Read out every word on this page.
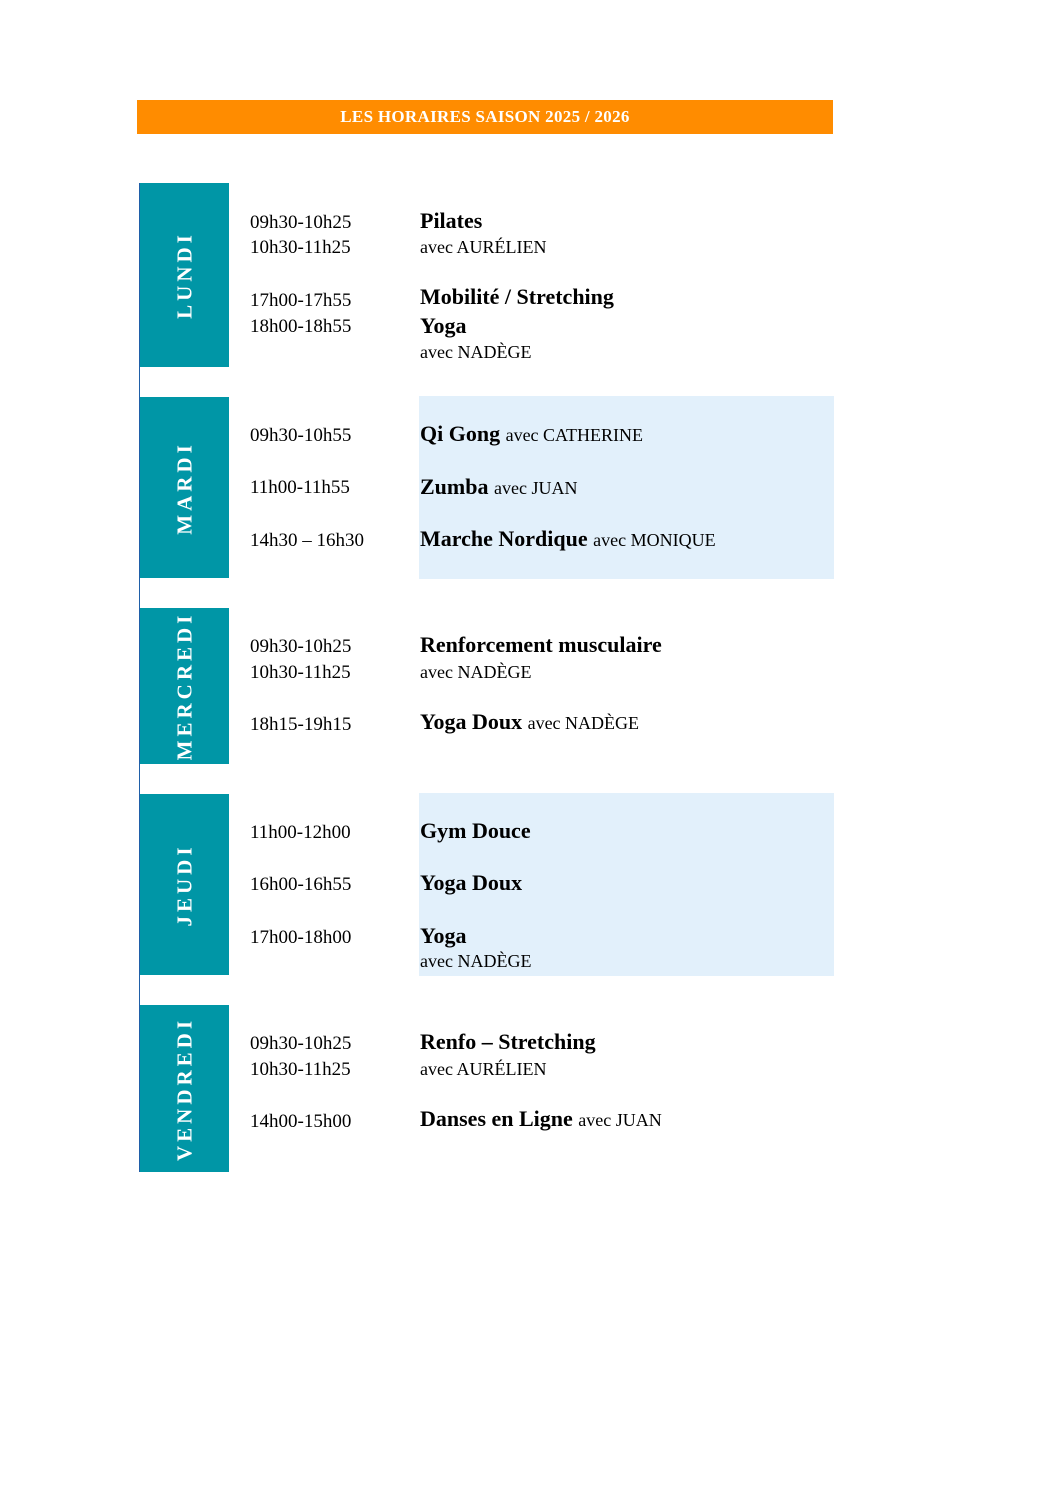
LES HORAIRES SAISON 2025 / 2026
LUNDI
09h30-10h25
10h30-11h25
17h00-17h55
18h00-18h55
Pilates
avec AURÉLIEN
Mobilité / Stretching
Yoga
avec NADÈGE
MARDI
09h30-10h55
11h00-11h55
14h30 – 16h30
Qi Gong avec CATHERINE
Zumba avec JUAN
Marche Nordique avec MONIQUE
MERCREDI	09h30-10h25
10h30-11h25
18h15-19h15
Renforcement musculaire
avec NADÈGE
Yoga Doux avec NADÈGE
JEUDI
11h00-12h00
16h00-16h55
17h00-18h00
Gym Douce
Yoga Doux
Yoga
avec NADÈGE
VENDREDI	09h30-10h25
10h30-11h25
14h00-15h00
Renfo – Stretching
avec AURÉLIEN
Danses en Ligne avec JUAN
